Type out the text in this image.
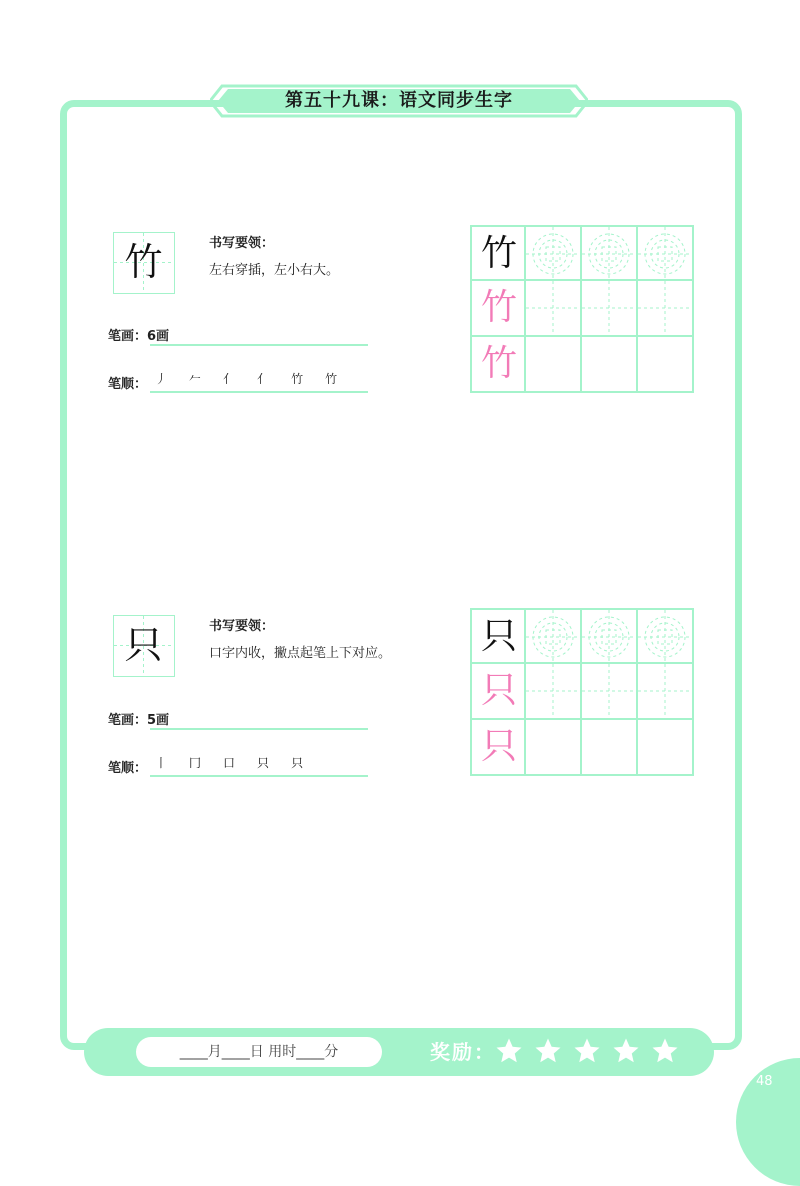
第五十九课：语文同步生字
竹	书写要领：
左右穿插，左小右大。
笔画：6画
笔顺： 丿 𠂉 亻 ⺅ 竹 竹
竹
竹
竹
只	书写要领：
口字内收，撇点起笔上下对应。
笔画：5画
笔顺： 丨 冂 口 只 只
只
只
只
____月____日 用时____分	奖励：

48
